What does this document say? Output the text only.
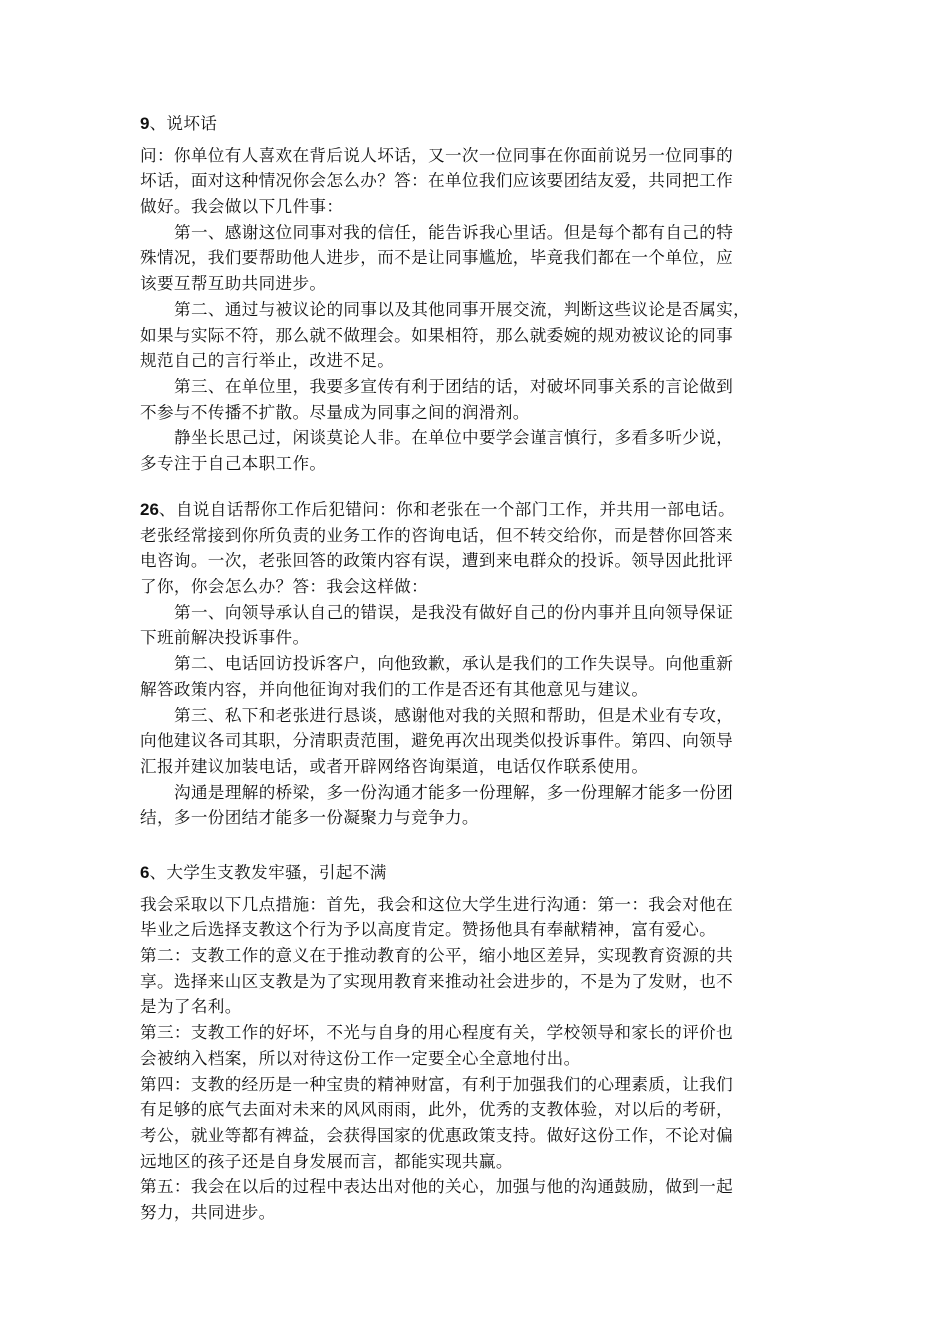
9、说坏话
问：你单位有人喜欢在背后说人坏话，又一次一位同事在你面前说另一位同事的
坏话，面对这种情况你会怎么办？答：在单位我们应该要团结友爱，共同把工作
做好。我会做以下几件事：
第一、感谢这位同事对我的信任，能告诉我心里话。但是每个都有自己的特
殊情况，我们要帮助他人进步，而不是让同事尴尬，毕竟我们都在一个单位，应
该要互帮互助共同进步。
第二、通过与被议论的同事以及其他同事开展交流，判断这些议论是否属实，
如果与实际不符，那么就不做理会。如果相符，那么就委婉的规劝被议论的同事
规范自己的言行举止，改进不足。
第三、在单位里，我要多宣传有利于团结的话，对破坏同事关系的言论做到
不参与不传播不扩散。尽量成为同事之间的润滑剂。
静坐长思己过，闲谈莫论人非。在单位中要学会谨言慎行，多看多听少说，
多专注于自己本职工作。
26、自说自话帮你工作后犯错问：你和老张在一个部门工作，并共用一部电话。
老张经常接到你所负责的业务工作的咨询电话，但不转交给你，而是替你回答来
电咨询。一次，老张回答的政策内容有误，遭到来电群众的投诉。领导因此批评
了你，你会怎么办？答：我会这样做：
第一、向领导承认自己的错误，是我没有做好自己的份内事并且向领导保证
下班前解决投诉事件。
第二、电话回访投诉客户，向他致歉，承认是我们的工作失误导。向他重新
解答政策内容，并向他征询对我们的工作是否还有其他意见与建议。
第三、私下和老张进行恳谈，感谢他对我的关照和帮助，但是术业有专攻，
向他建议各司其职，分清职责范围，避免再次出现类似投诉事件。第四、向领导
汇报并建议加装电话，或者开辟网络咨询渠道，电话仅作联系使用。
沟通是理解的桥梁，多一份沟通才能多一份理解，多一份理解才能多一份团
结，多一份团结才能多一份凝聚力与竞争力。
6、大学生支教发牢骚，引起不满
我会采取以下几点措施：首先，我会和这位大学生进行沟通：第一：我会对他在
毕业之后选择支教这个行为予以高度肯定。赞扬他具有奉献精神，富有爱心。
第二：支教工作的意义在于推动教育的公平，缩小地区差异，实现教育资源的共
享。选择来山区支教是为了实现用教育来推动社会进步的，不是为了发财，也不
是为了名利。
第三：支教工作的好坏，不光与自身的用心程度有关，学校领导和家长的评价也
会被纳入档案，所以对待这份工作一定要全心全意地付出。
第四：支教的经历是一种宝贵的精神财富，有利于加强我们的心理素质，让我们
有足够的底气去面对未来的风风雨雨，此外，优秀的支教体验，对以后的考研，
考公，就业等都有裨益，会获得国家的优惠政策支持。做好这份工作，不论对偏
远地区的孩子还是自身发展而言，都能实现共赢。
第五：我会在以后的过程中表达出对他的关心，加强与他的沟通鼓励，做到一起
努力，共同进步。
